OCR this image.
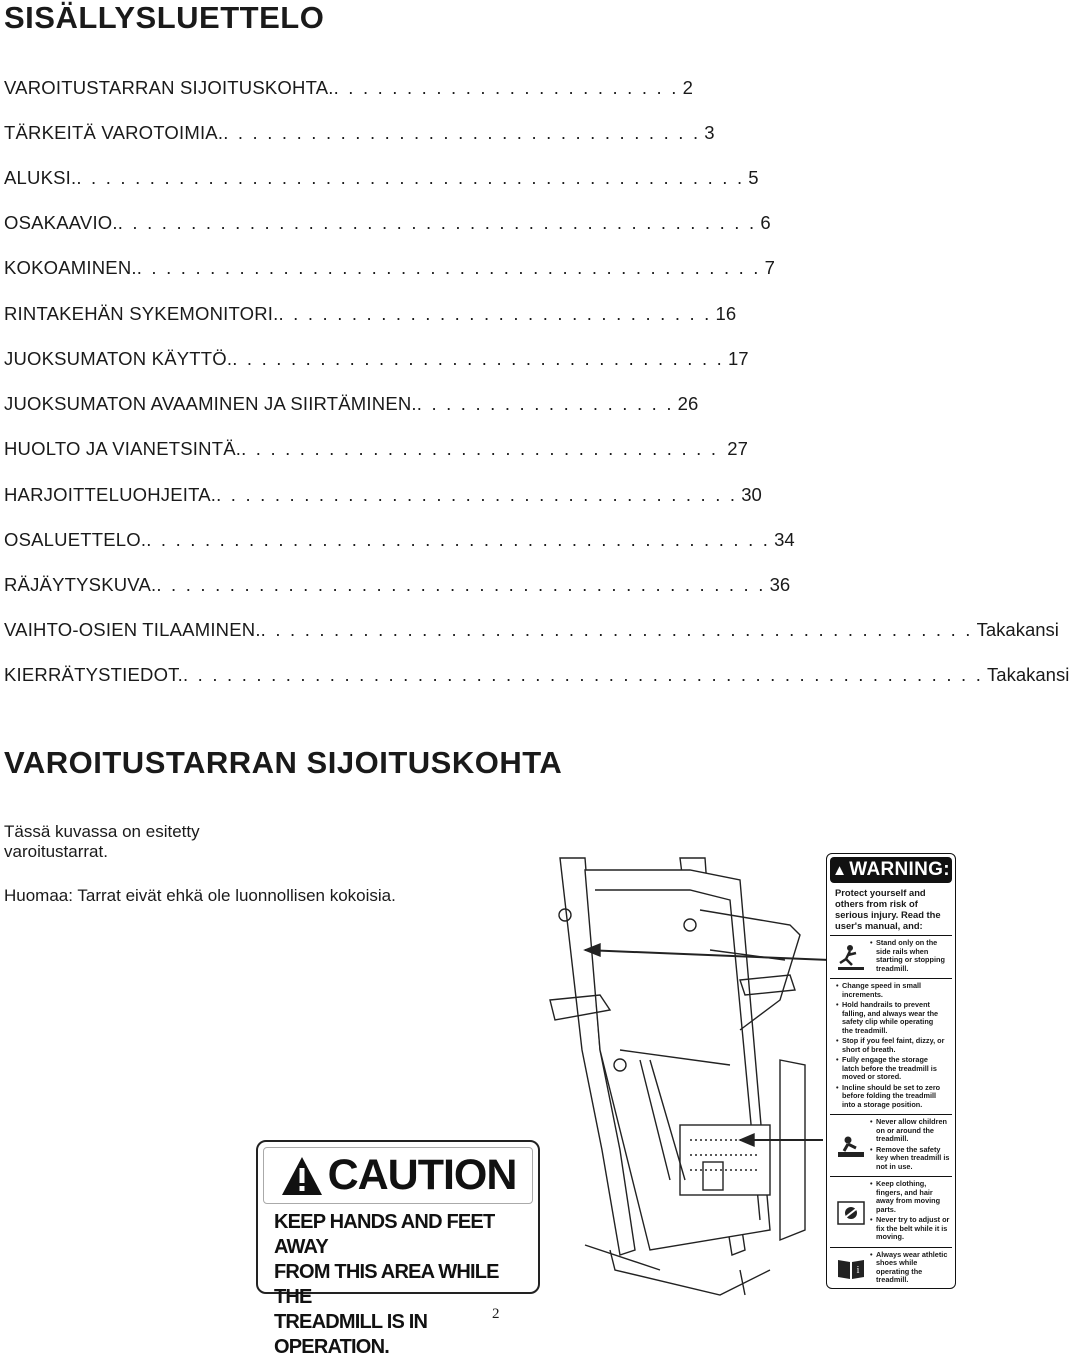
SISÄLLYSLUETTELO
VAROITUSTARRAN SIJOITUSKOHTA.. . . . . . . . . . . . . . . . . . . . . . . . 2
TÄRKEITÄ VAROTOIMIA.. . . . . . . . . . . . . . . . . . . . . . . . . . . . . . . . . 3
ALUKSI.. . . . . . . . . . . . . . . . . . . . . . . . . . . . . . . . . . . . . . . . . . . . . . 5
OSAKAAVIO.. . . . . . . . . . . . . . . . . . . . . . . . . . . . . . . . . . . . . . . . . . . . 6
KOKOAMINEN.. . . . . . . . . . . . . . . . . . . . . . . . . . . . . . . . . . . . . . . . . . . 7
RINTAKEHÄN SYKEMONITORI.. . . . . . . . . . . . . . . . . . . . . . . . . . . . . . 16
JUOKSUMATON KÄYTTÖ.. . . . . . . . . . . . . . . . . . . . . . . . . . . . . . . . . . 17
JUOKSUMATON AVAAMINEN JA SIIRTÄMINEN.. . . . . . . . . . . . . . . . . . 26
HUOLTO JA VIANETSINTÄ.. . . . . . . . . . . . . . . . . . . . . . . . . . . . . . . . . 27
HARJOITTELUOHJEITA.. . . . . . . . . . . . . . . . . . . . . . . . . . . . . . . . . . . . 30
OSALUETTELO.. . . . . . . . . . . . . . . . . . . . . . . . . . . . . . . . . . . . . . . . . . . 34
RÄJÄYTYSKUVA.. . . . . . . . . . . . . . . . . . . . . . . . . . . . . . . . . . . . . . . . . . 36
VAIHTO-OSIEN TILAAMINEN.. . . . . . . . . . . . . . . . . . . . . . . . . . . . . . . . . . . . . . . . . . . . . . . . . Takakansi
KIERRÄTYSTIEDOT.. . . . . . . . . . . . . . . . . . . . . . . . . . . . . . . . . . . . . . . . . . . . . . . . . . . . . . . Takakansi
VAROITUSTARRAN SIJOITUSKOHTA
Tässä kuvassa on esitetty varoitustarrat.
Huomaa: Tarrat eivät ehkä ole luonnollisen kokoisia.
▲ WARNING:
Protect yourself and others from risk of serious injury. Read the user's manual, and:
• Stand only on the side rails when starting or stopping treadmill.
• Change speed in small increments.
• Hold handrails to prevent falling, and always wear the safety clip while operating the treadmill.
• Stop if you feel faint, dizzy, or short of breath.
• Fully engage the storage latch before the treadmill is moved or stored.
• Incline should be set to zero before folding the treadmill into a storage position.
• Never allow children on or around the treadmill.
• Remove the safety key when treadmill is not in use.
• Keep clothing, fingers, and hair away from moving parts.
• Never try to adjust or fix the belt while it is moving.
i
• Always wear athletic shoes while operating the treadmill.
CAUTION
KEEP HANDS AND FEET AWAY
FROM THIS AREA WHILE THE
TREADMILL IS IN OPERATION.
2
